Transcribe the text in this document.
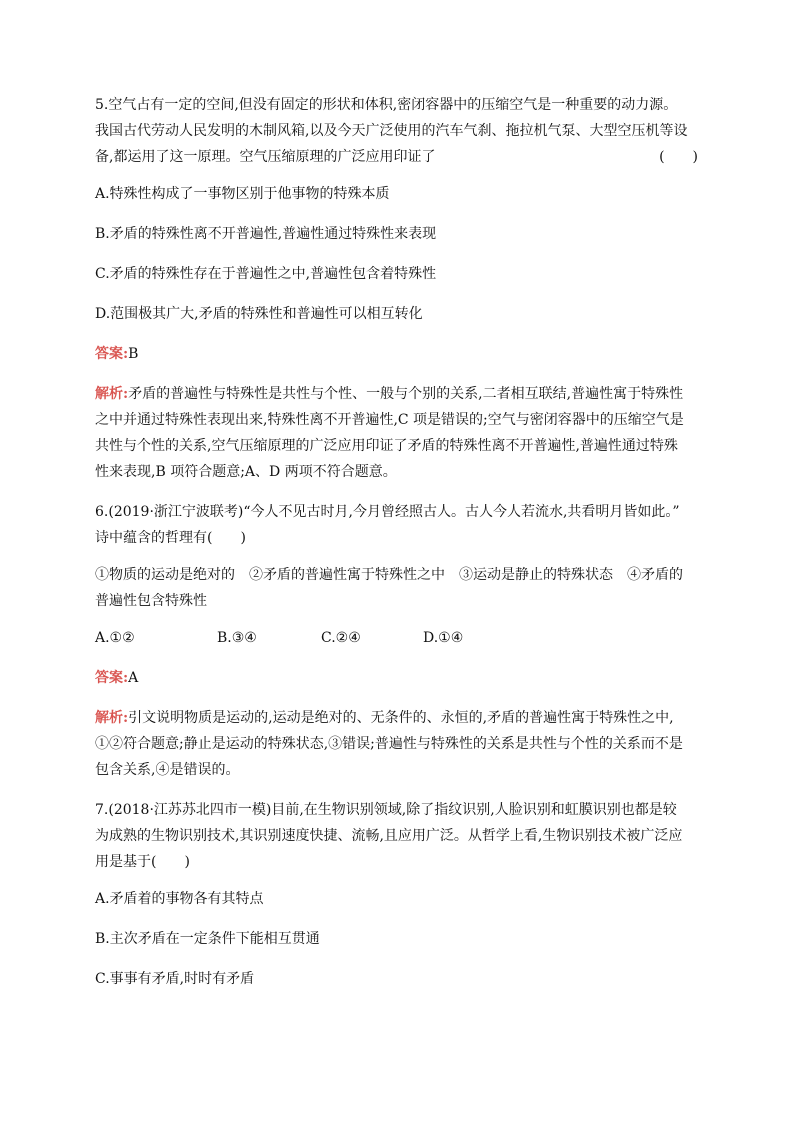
5.空气占有一定的空间,但没有固定的形状和体积,密闭容器中的压缩空气是一种重要的动力源。
我国古代劳动人民发明的木制风箱,以及今天广泛使用的汽车气刹、拖拉机气泵、大型空压机等设
备,都运用了这一原理。空气压缩原理的广泛应用印证了	(　　)
A.特殊性构成了一事物区别于他事物的特殊本质
B.矛盾的特殊性离不开普遍性,普遍性通过特殊性来表现
C.矛盾的特殊性存在于普遍性之中,普遍性包含着特殊性
D.范围极其广大,矛盾的特殊性和普遍性可以相互转化
答案:B
解析:矛盾的普遍性与特殊性是共性与个性、一般与个别的关系,二者相互联结,普遍性寓于特殊性
之中并通过特殊性表现出来,特殊性离不开普遍性,C 项是错误的;空气与密闭容器中的压缩空气是
共性与个性的关系,空气压缩原理的广泛应用印证了矛盾的特殊性离不开普遍性,普遍性通过特殊
性来表现,B 项符合题意;A、D 两项不符合题意。
6.(2019·浙江宁波联考)“今人不见古时月,今月曾经照古人。古人今人若流水,共看明月皆如此。”
诗中蕴含的哲理有(　　)
①物质的运动是绝对的　②矛盾的普遍性寓于特殊性之中　③运动是静止的特殊状态　④矛盾的
普遍性包含特殊性
A.①②	B.③④	C.②④	D.①④
答案:A
解析:引文说明物质是运动的,运动是绝对的、无条件的、永恒的,矛盾的普遍性寓于特殊性之中,
①②符合题意;静止是运动的特殊状态,③错误;普遍性与特殊性的关系是共性与个性的关系而不是
包含关系,④是错误的。
7.(2018·江苏苏北四市一模)目前,在生物识别领域,除了指纹识别,人脸识别和虹膜识别也都是较
为成熟的生物识别技术,其识别速度快捷、流畅,且应用广泛。从哲学上看,生物识别技术被广泛应
用是基于(　　)
A.矛盾着的事物各有其特点
B.主次矛盾在一定条件下能相互贯通
C.事事有矛盾,时时有矛盾
